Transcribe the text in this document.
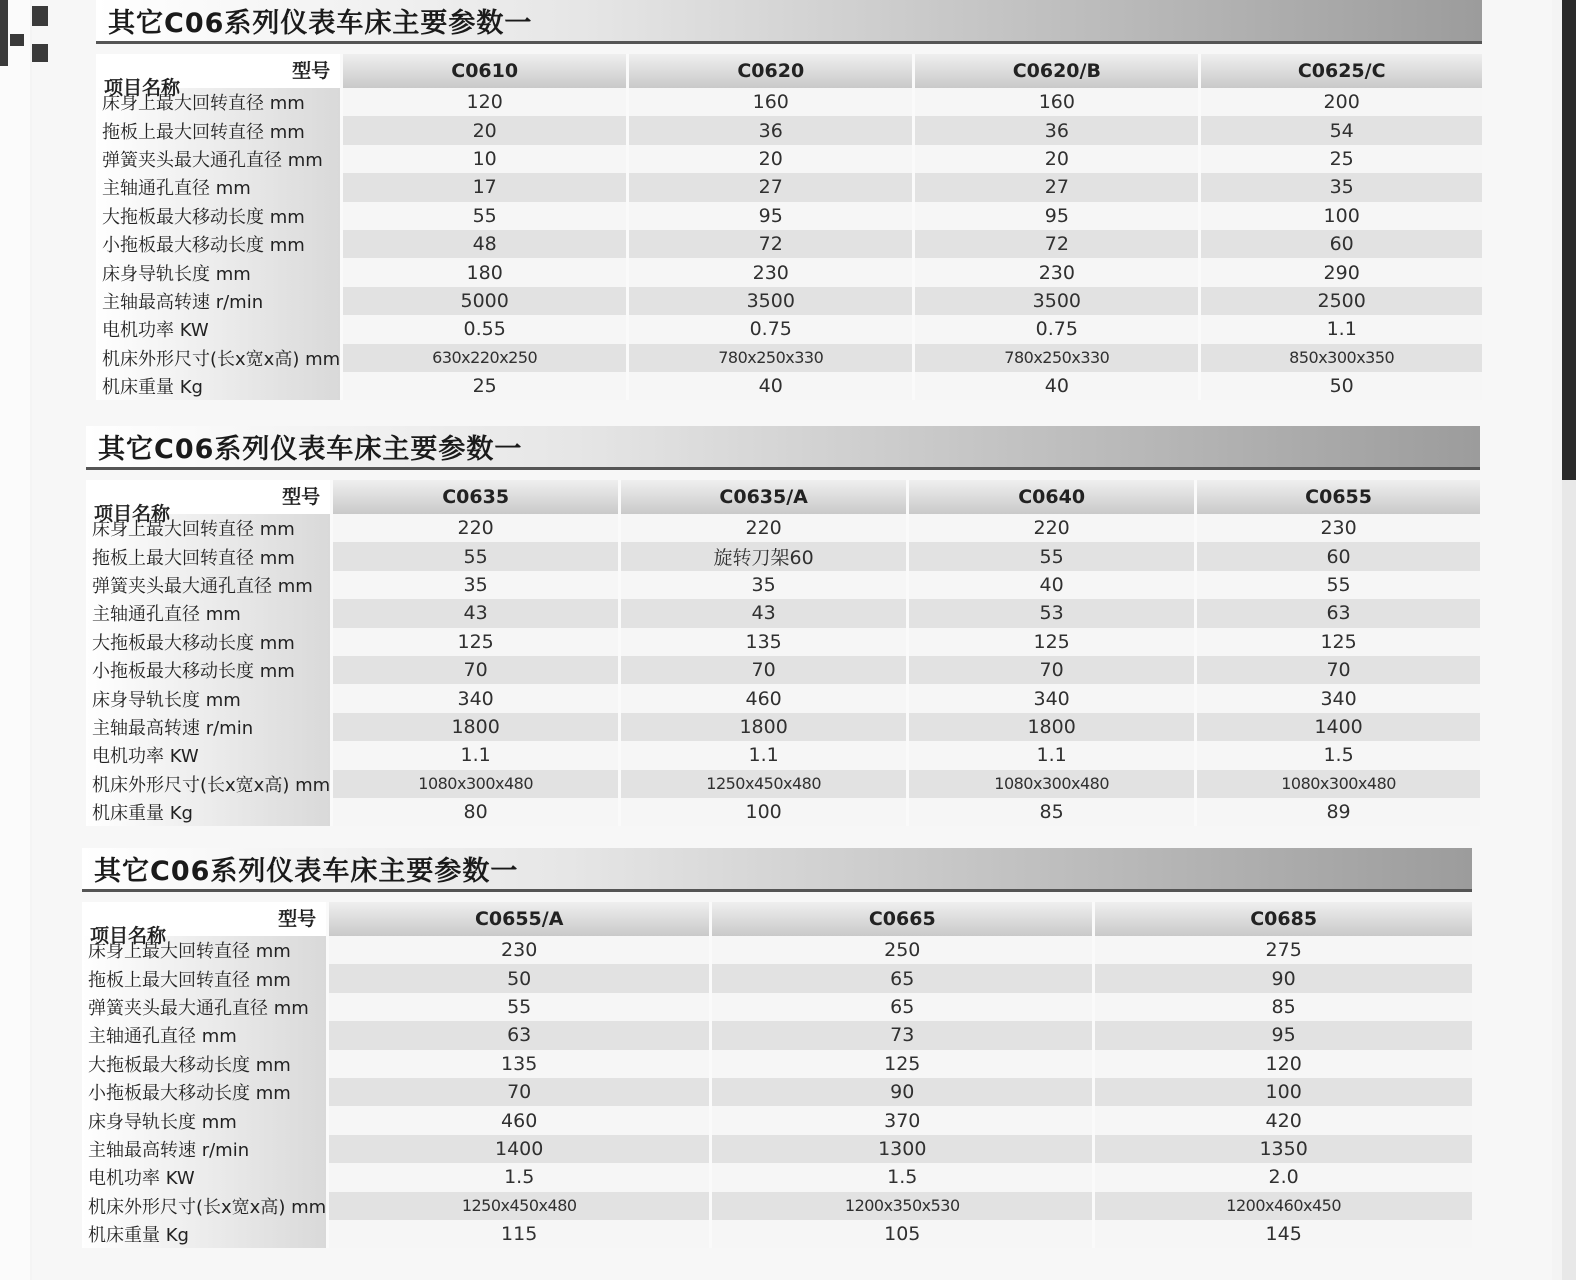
其它C06系列仪表车床主要参数一
型号
项目名称	C0610	C0620	C0620/B	C0625/C
床身上最大回转直径 mm	120	160	160	200
拖板上最大回转直径 mm	20	36	36	54
弹簧夹头最大通孔直径 mm	10	20	20	25
主轴通孔直径 mm	17	27	27	35
大拖板最大移动长度 mm	55	95	95	100
小拖板最大移动长度 mm	48	72	72	60
床身导轨长度 mm	180	230	230	290
主轴最高转速 r/min	5000	3500	3500	2500
电机功率 KW	0.55	0.75	0.75	1.1
机床外形尺寸(长x宽x高) mm	630x220x250	780x250x330	780x250x330	850x300x350
机床重量 Kg	25	40	40	50
其它C06系列仪表车床主要参数一
型号
项目名称	C0635	C0635/A	C0640	C0655
床身上最大回转直径 mm	220	220	220	230
拖板上最大回转直径 mm	55	旋转刀架60	55	60
弹簧夹头最大通孔直径 mm	35	35	40	55
主轴通孔直径 mm	43	43	53	63
大拖板最大移动长度 mm	125	135	125	125
小拖板最大移动长度 mm	70	70	70	70
床身导轨长度 mm	340	460	340	340
主轴最高转速 r/min	1800	1800	1800	1400
电机功率 KW	1.1	1.1	1.1	1.5
机床外形尺寸(长x宽x高) mm	1080x300x480	1250x450x480	1080x300x480	1080x300x480
机床重量 Kg	80	100	85	89
其它C06系列仪表车床主要参数一
型号
项目名称	C0655/A	C0665	C0685
床身上最大回转直径 mm	230	250	275
拖板上最大回转直径 mm	50	65	90
弹簧夹头最大通孔直径 mm	55	65	85
主轴通孔直径 mm	63	73	95
大拖板最大移动长度 mm	135	125	120
小拖板最大移动长度 mm	70	90	100
床身导轨长度 mm	460	370	420
主轴最高转速 r/min	1400	1300	1350
电机功率 KW	1.5	1.5	2.0
机床外形尺寸(长x宽x高) mm	1250x450x480	1200x350x530	1200x460x450
机床重量 Kg	115	105	145
